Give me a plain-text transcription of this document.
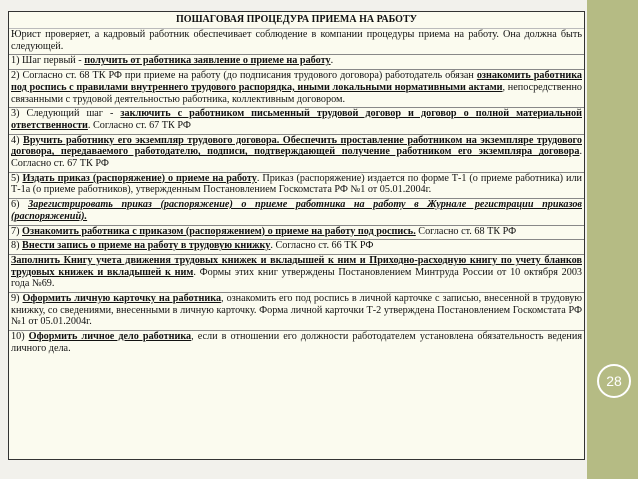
ПОШАГОВАЯ ПРОЦЕДУРА ПРИЕМА НА РАБОТУ
Юрист проверяет, а кадровый работник обеспечивает соблюдение в компании процедуры приема на работу. Она должна быть следующей.
1) Шаг первый - получить от работника заявление о приеме на работу.
2) Согласно ст. 68 ТК РФ при приеме на работу (до подписания трудового договора) работодатель обязан ознакомить работника под роспись с правилами внутреннего трудового распорядка, иными локальными нормативными актами, непосредственно связанными с трудовой деятельностью работника, коллективным договором.
3) Следующий шаг - заключить с работником письменный трудовой договор и договор о полной материальной ответственности. Согласно ст. 67 ТК РФ
4) Вручить работнику его экземпляр трудового договора. Обеспечить проставление работником на экземпляре трудового договора, передаваемого работодателю, подписи, подтверждающей получение работником его экземпляра договора. Согласно ст. 67 ТК РФ
5) Издать приказ (распоряжение) о приеме на работу. Приказ (распоряжение) издается по форме Т-1 (о приеме работника) или Т-1а (о приеме работников), утвержденным Постановлением Госкомстата РФ №1 от 05.01.2004г.
6) Зарегистрировать приказ (распоряжение) о приеме работника на работу в Журнале регистрации приказов (распоряжений).
7) Ознакомить работника с приказом (распоряжением) о приеме на работу под роспись. Согласно ст. 68 ТК РФ
8) Внести запись о приеме на работу в трудовую книжку. Согласно ст. 66 ТК РФ
Заполнить Книгу учета движения трудовых книжек и вкладышей к ним и Приходно-расходную книгу по учету бланков трудовых книжек и вкладышей к ним. Формы этих книг утверждены Постановлением Минтруда России от 10 октября 2003 года №69.
9) Оформить личную карточку на работника, ознакомить его под роспись в личной карточке с записью, внесенной в трудовую книжку, со сведениями, внесенными в личную карточку. Форма личной карточки Т-2 утверждена Постановлением Госкомстата РФ №1 от 05.01.2004г.
10) Оформить личное дело работника, если в отношении его должности работодателем установлена обязательность ведения личного дела.
28
